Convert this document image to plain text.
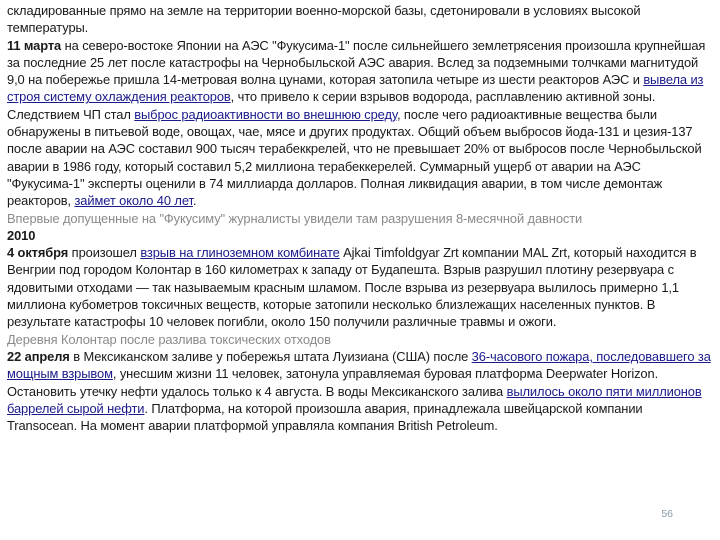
складированные прямо на земле на территории военно-морской базы, сдетонировали в условиях высокой температуры.

11 марта на северо-востоке Японии на АЭС "Фукусима-1" после сильнейшего землетрясения произошла крупнейшая за последние 25 лет после катастрофы на Чернобыльской АЭС авария. Вслед за подземными толчками магнитудой 9,0 на побережье пришла 14-метровая волна цунами, которая затопила четыре из шести реакторов АЭС и вывела из строя систему охлаждения реакторов, что привело к серии взрывов водорода, расплавлению активной зоны.

Следствием ЧП стал выброс радиоактивности во внешнюю среду, после чего радиоактивные вещества были обнаружены в питьевой воде, овощах, чае, мясе и других продуктах. Общий объем выбросов йода-131 и цезия-137 после аварии на АЭС составил 900 тысяч терабеккрелей, что не превышает 20% от выбросов после Чернобыльской аварии в 1986 году, который составил 5,2 миллиона терабеккерелей. Суммарный ущерб от аварии на АЭС "Фукусима-1" эксперты оценили в 74 миллиарда долларов. Полная ликвидация аварии, в том числе демонтаж реакторов, займет около 40 лет.

Впервые допущенные на "Фукусиму" журналисты увидели там разрушения 8-месячной давности

2010

4 октября произошел взрыв на глиноземном комбинате Ajkai Timfoldgyar Zrt компании MAL Zrt, который находится в Венгрии под городом Колонтар в 160 километрах к западу от Будапешта. Взрыв разрушил плотину резервуара с ядовитыми отходами — так называемым красным шламом. После взрыва из резервуара вылилось примерно 1,1 миллиона кубометров токсичных веществ, которые затопили несколько близлежащих населенных пунктов. В результате катастрофы 10 человек погибли, около 150 получили различные травмы и ожоги.

Деревня Колонтар после разлива токсических отходов

22 апреля в Мексиканском заливе у побережья штата Луизиана (США) после 36-часового пожара, последовавшего за мощным взрывом, унесшим жизни 11 человек, затонула управляемая буровая платформа Deepwater Horizon.

Остановить утечку нефти удалось только к 4 августа. В воды Мексиканского залива вылилось около пяти миллионов баррелей сырой нефти. Платформа, на которой произошла авария, принадлежала швейцарской компании Transocean. На момент аварии платформой управляла компания British Petroleum.

56
